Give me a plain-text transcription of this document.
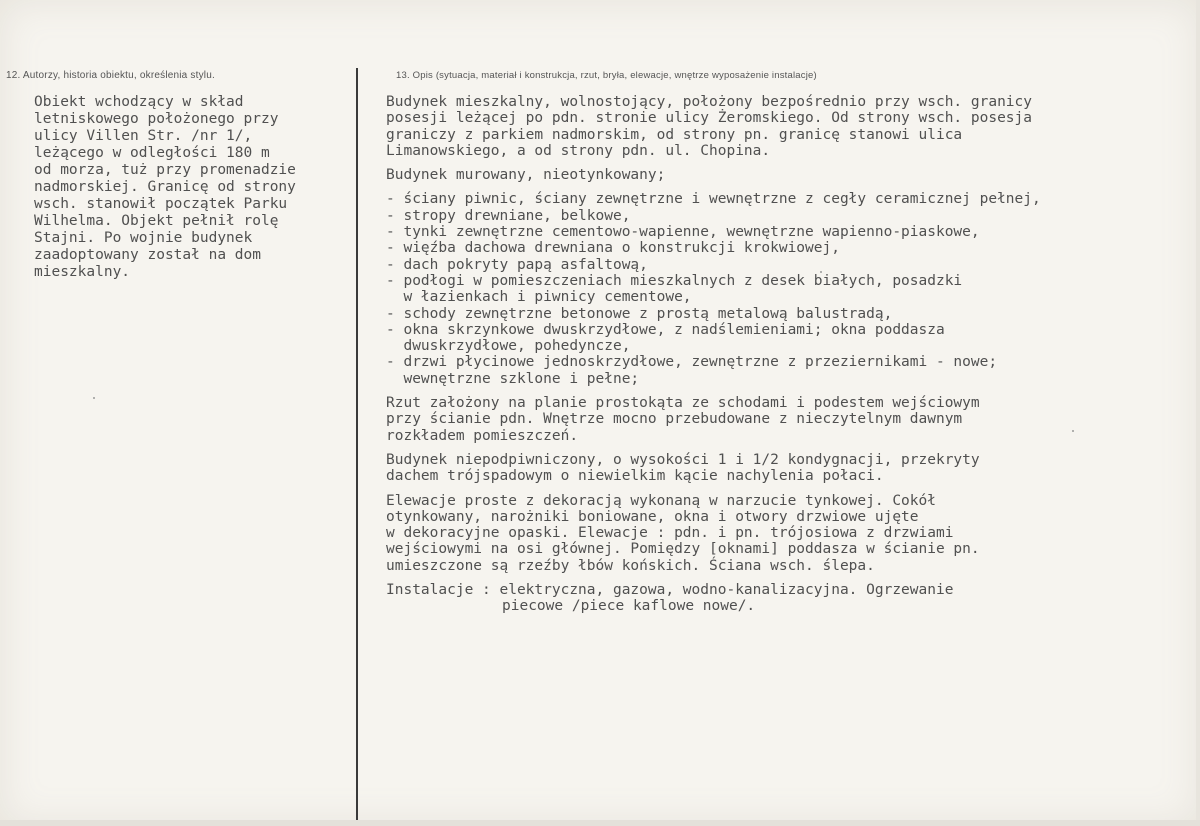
12. Autorzy, historia obiektu, określenia stylu.	13. Opis (sytuacja, materiał i konstrukcja, rzut, bryła, elewacje, wnętrze wyposażenie instalacje)
Obiekt wchodzący w skład
letniskowego położonego przy
ulicy Villen Str. /nr 1/,
leżącego w odległości 180 m
od morza, tuż przy promenadzie
nadmorskiej. Granicę od strony
wsch. stanowił początek Parku
Wilhelma. Objekt pełnił rolę
Stajni. Po wojnie budynek
zaadoptowany został na dom
mieszkalny.
Budynek mieszkalny, wolnostojący, położony bezpośrednio przy wsch. granicy
posesji leżącej po pdn. stronie ulicy Żeromskiego. Od strony wsch. posesja
graniczy z parkiem nadmorskim, od strony pn. granicę stanowi ulica
Limanowskiego, a od strony pdn. ul. Chopina.
Budynek murowany, nieotynkowany;
- ściany piwnic, ściany zewnętrzne i wewnętrzne z cegły ceramicznej pełnej,
- stropy drewniane, belkowe,
- tynki zewnętrzne cementowo-wapienne, wewnętrzne wapienno-piaskowe,
- więźba dachowa drewniana o konstrukcji krokwiowej,
- dach pokryty papą asfaltową,
- podłogi w pomieszczeniach mieszkalnych z desek białych, posadzki
w łazienkach i piwnicy cementowe,
- schody zewnętrzne betonowe z prostą metalową balustradą,
- okna skrzynkowe dwuskrzydłowe, z nadślemieniami; okna poddasza
dwuskrzydłowe, pohedyncze,
- drzwi płycinowe jednoskrzydłowe, zewnętrzne z przeziernikami - nowe;
wewnętrzne szklone i pełne;
Rzut założony na planie prostokąta ze schodami i podestem wejściowym
przy ścianie pdn. Wnętrze mocno przebudowane z nieczytelnym dawnym
rozkładem pomieszczeń.
Budynek niepodpiwniczony, o wysokości 1 i 1/2 kondygnacji, przekryty
dachem trójspadowym o niewielkim kącie nachylenia połaci.
Elewacje proste z dekoracją wykonaną w narzucie tynkowej. Cokół
otynkowany, narożniki boniowane, okna i otwory drzwiowe ujęte
w dekoracyjne opaski. Elewacje : pdn. i pn. trójosiowa z drzwiami
wejściowymi na osi głównej. Pomiędzy [oknami] poddasza w ścianie pn.
umieszczone są rzeźby łbów końskich. Ściana wsch. ślepa.
Instalacje : elektryczna, gazowa, wodno-kanalizacyjna. Ogrzewanie
piecowe /piece kaflowe nowe/.
